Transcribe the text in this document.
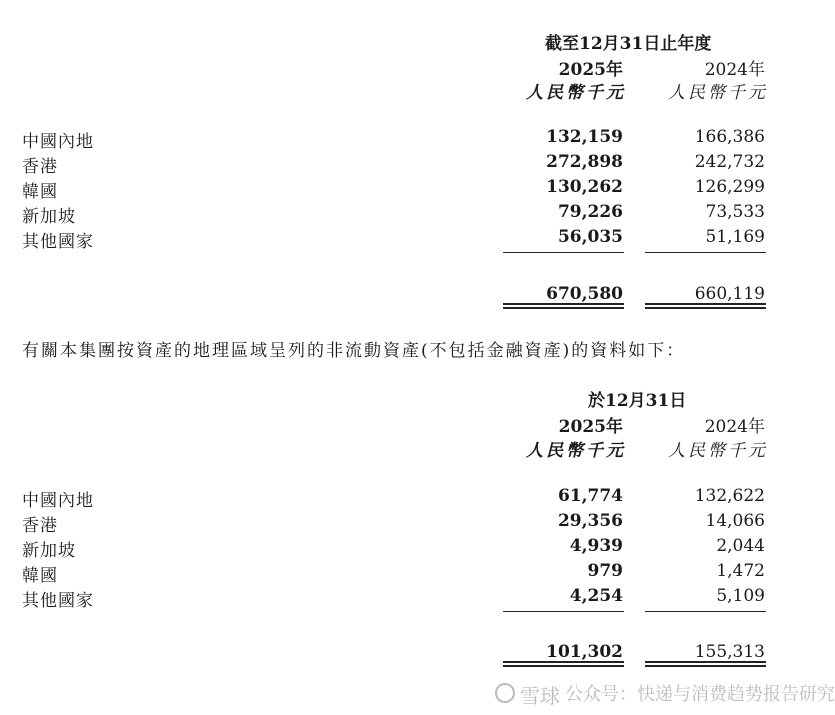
截至12月31日止年度
2025年	2024年
人民幣千元	人民幣千元
中國內地	132,159	166,386
香港	272,898	242,732
韓國	130,262	126,299
新加坡	79,226	73,533
其他國家	56,035	51,169
670,580	660,119
有關本集團按資產的地理區域呈列的非流動資產(不包括金融資產)的資料如下：
於12月31日
2025年	2024年
人民幣千元	人民幣千元
中國內地	61,774	132,622
香港	29,356	14,066
新加坡	4,939	2,044
韓國	979	1,472
其他國家	4,254	5,109
101,302	155,313
雪球 公众号：快递与消费趋势报告研究
